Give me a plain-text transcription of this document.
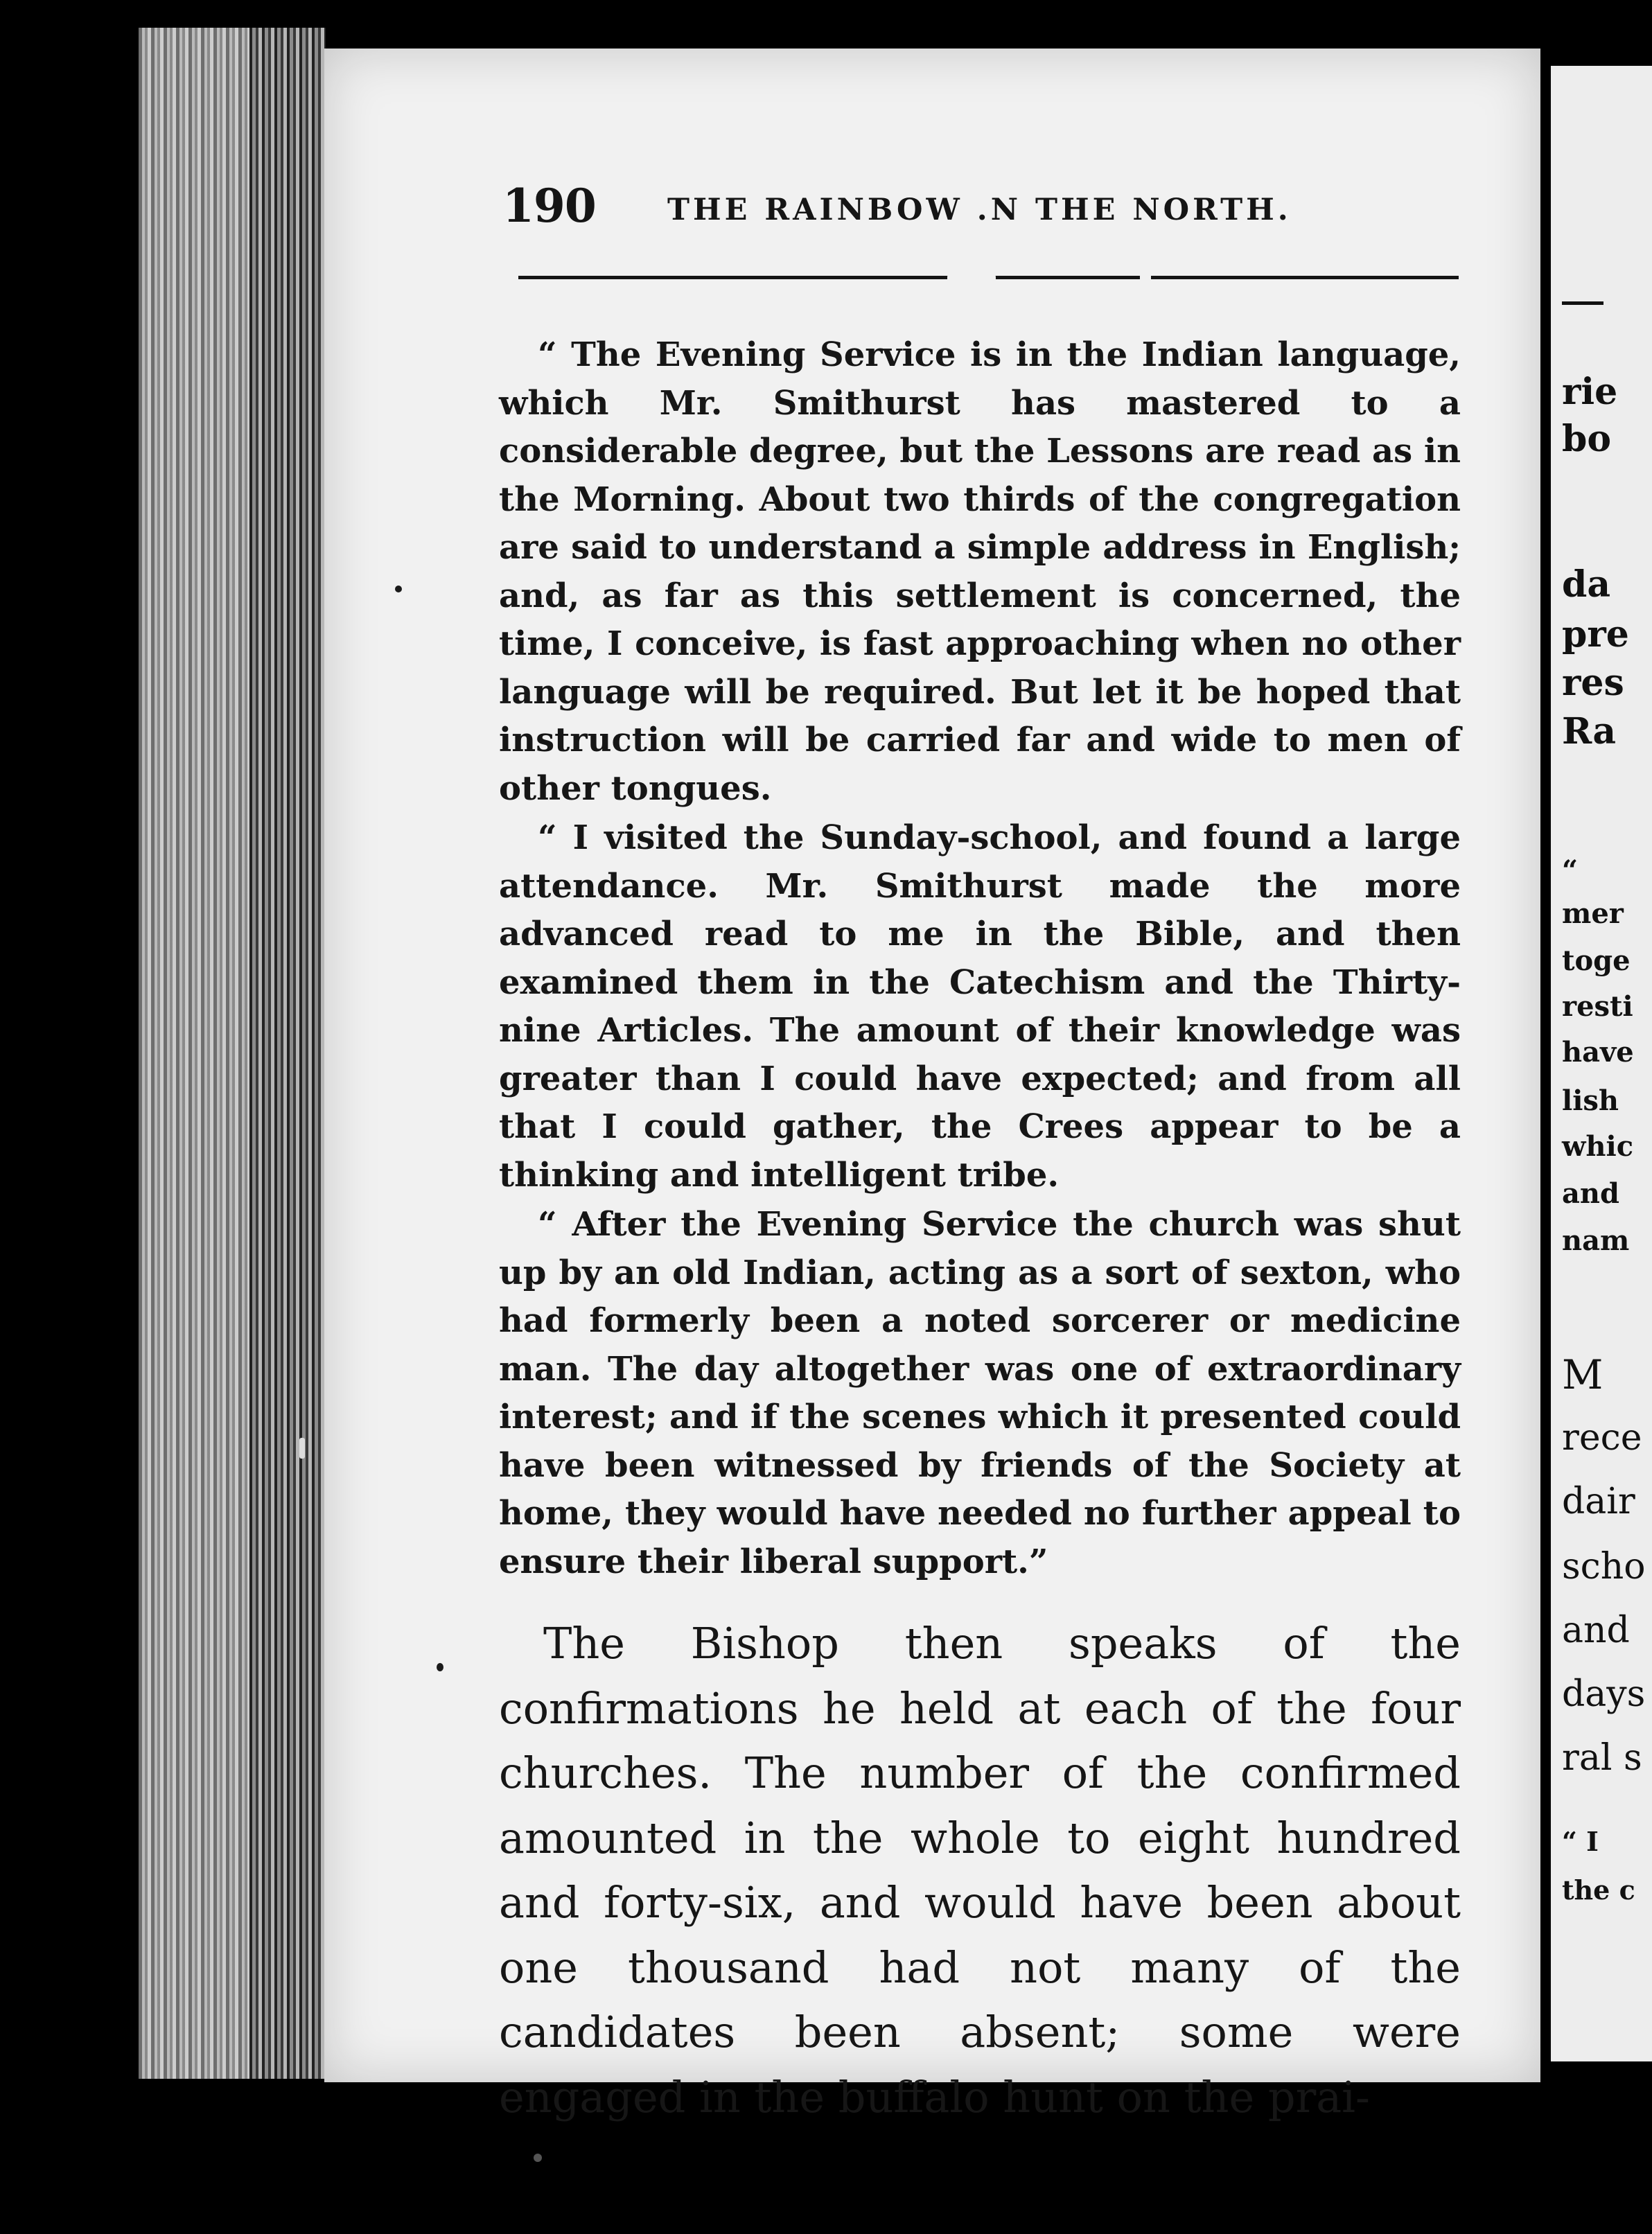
190 THE RAINBOW .N THE NORTH.

“ The Evening Service is in the Indian language, which Mr. Smithurst has mastered to a considerable degree, but the Lessons are read as in the Morning. About two thirds of the congregation are said to understand a simple address in English; and, as far as this settlement is concerned, the time, I conceive, is fast approaching when no other language will be required. But let it be hoped that instruction will be carried far and wide to men of other tongues.

“ I visited the Sunday-school, and found a large attendance. Mr. Smithurst made the more advanced read to me in the Bible, and then examined them in the Catechism and the Thirty-nine Articles. The amount of their knowledge was greater than I could have expected; and from all that I could gather, the Crees appear to be a thinking and intelligent tribe.

“ After the Evening Service the church was shut up by an old Indian, acting as a sort of sexton, who had formerly been a noted sorcerer or medicine man. The day altogether was one of extraordinary interest; and if the scenes which it presented could have been witnessed by friends of the Society at home, they would have needed no further appeal to ensure their liberal support.”

The Bishop then speaks of the confirmations he held at each of the four churches. The number of the confirmed amounted in the whole to eight hundred and forty-six, and would have been about one thousand had not many of the candidates been absent; some were engaged in the buffalo hunt on the prai-

rie
bo
da
pre
res
Ra
“
mer
toge
resti
have
lish
whic
and
nam
M
rece
dair
scho
and
days
ral s
“ I
the c
